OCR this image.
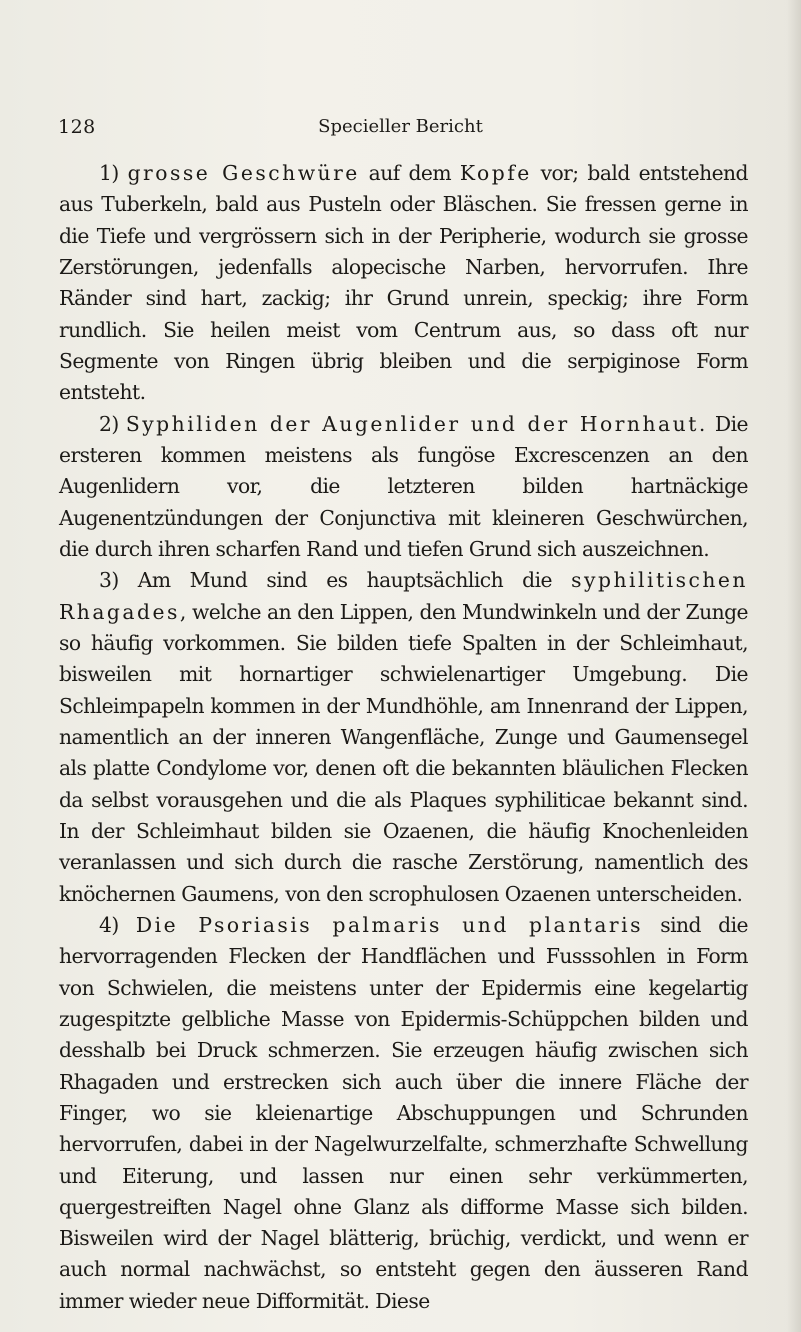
128	Specieller Bericht

1) grosse Geschwüre auf dem Kopfe vor; bald entstehend aus Tuberkeln, bald aus Pusteln oder Bläschen. Sie fressen gerne in die Tiefe und vergrössern sich in der Peripherie, wodurch sie grosse Zerstörungen, jedenfalls alopecische Narben, hervorrufen. Ihre Ränder sind hart, zackig; ihr Grund unrein, speckig; ihre Form rundlich. Sie heilen meist vom Centrum aus, so dass oft nur Segmente von Ringen übrig bleiben und die serpiginose Form entsteht.

2) Syphiliden der Augenlider und der Hornhaut. Die ersteren kommen meistens als fungöse Excrescenzen an den Augenlidern vor, die letzteren bilden hartnäckige Augenentzündungen der Conjunctiva mit kleineren Geschwürchen, die durch ihren scharfen Rand und tiefen Grund sich auszeichnen.

3) Am Mund sind es hauptsächlich die syphilitischen Rhagades, welche an den Lippen, den Mundwinkeln und der Zunge so häufig vorkommen. Sie bilden tiefe Spalten in der Schleimhaut, bisweilen mit hornartiger schwielenartiger Umgebung. Die Schleimpapeln kommen in der Mundhöhle, am Innenrand der Lippen, namentlich an der inneren Wangenfläche, Zunge und Gaumensegel als platte Condylome vor, denen oft die bekannten bläulichen Flecken da selbst vorausgehen und die als Plaques syphiliticae bekannt sind. In der Schleimhaut bilden sie Ozaenen, die häufig Knochenleiden veranlassen und sich durch die rasche Zerstörung, namentlich des knöchernen Gaumens, von den scrophulosen Ozaenen unterscheiden.

4) Die Psoriasis palmaris und plantaris sind die hervorragenden Flecken der Handflächen und Fusssohlen in Form von Schwielen, die meistens unter der Epidermis eine kegelartig zugespitzte gelbliche Masse von Epidermis-Schüppchen bilden und desshalb bei Druck schmerzen. Sie erzeugen häufig zwischen sich Rhagaden und erstrecken sich auch über die innere Fläche der Finger, wo sie kleienartige Abschuppungen und Schrunden hervorrufen, dabei in der Nagelwurzelfalte, schmerzhafte Schwellung und Eiterung, und lassen nur einen sehr verkümmerten, quergestreiften Nagel ohne Glanz als difforme Masse sich bilden. Bisweilen wird der Nagel blätterig, brüchig, verdickt, und wenn er auch normal nachwächst, so entsteht gegen den äusseren Rand immer wieder neue Difformität. Diese
